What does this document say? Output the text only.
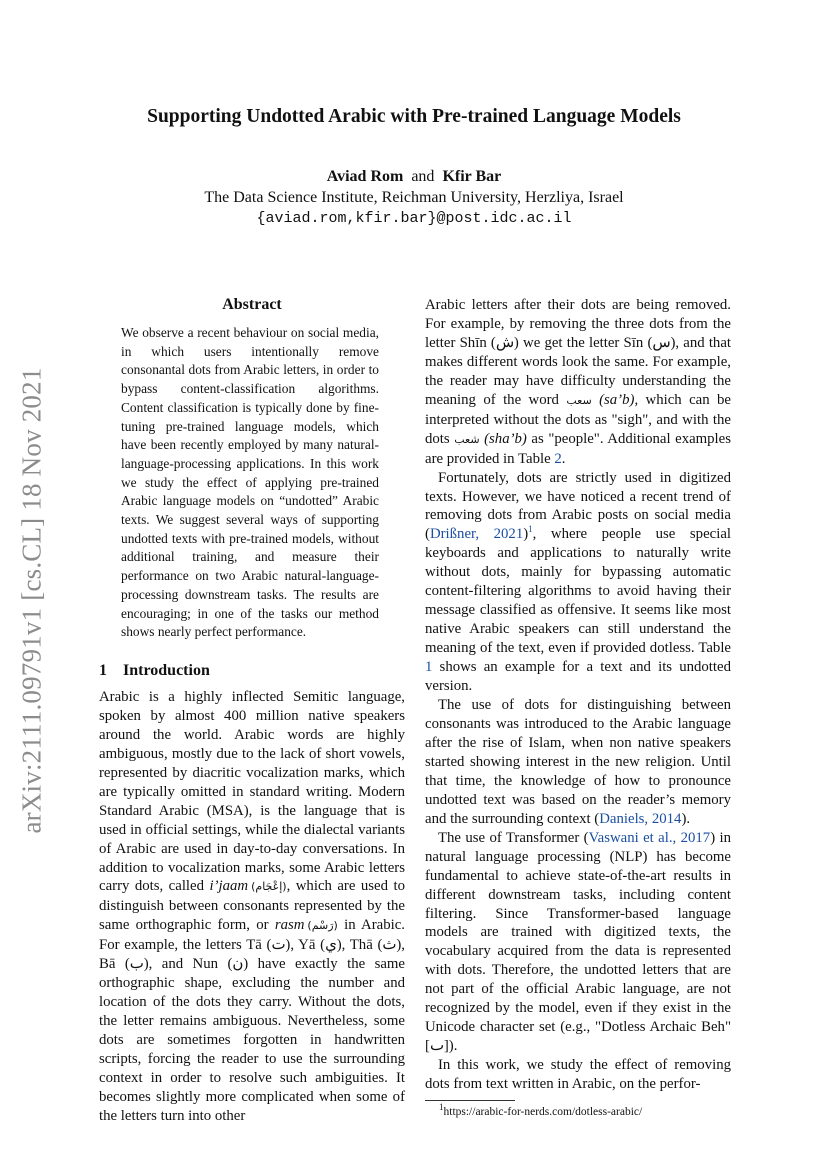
arXiv:2111.09791v1 [cs.CL] 18 Nov 2021
Supporting Undotted Arabic with Pre-trained Language Models
Aviad Rom and Kfir Bar
The Data Science Institute, Reichman University, Herzliya, Israel
{aviad.rom,kfir.bar}@post.idc.ac.il
Abstract

We observe a recent behaviour on social media, in which users intentionally remove consonantal dots from Arabic letters, in order to bypass content-classification algorithms. Content classification is typically done by fine-tuning pre-trained language models, which have been recently employed by many natural-language-processing applications. In this work we study the effect of applying pre-trained Arabic language models on “undotted” Arabic texts. We suggest several ways of supporting undotted texts with pre-trained models, without additional training, and measure their performance on two Arabic natural-language-processing downstream tasks. The results are encouraging; in one of the tasks our method shows nearly perfect performance.

1 Introduction

Arabic is a highly inflected Semitic language, spoken by almost 400 million native speakers around the world. Arabic words are highly ambiguous, mostly due to the lack of short vowels, represented by diacritic vocalization marks, which are typically omitted in standard writing. Modern Standard Arabic (MSA), is the language that is used in official settings, while the dialectal variants of Arabic are used in day-to-day conversations. In addition to vocalization marks, some Arabic letters carry dots, called i’jaam  (إعْجَام), which are used to distinguish between consonants represented by the same orthographic form, or rasm  (رَسْم) in Arabic. For example, the letters Tā (ت), Yā (ي), Thā (ث), Bā (ب), and Nun (ن) have exactly the same orthographic shape, excluding the number and location of the dots they carry. Without the dots, the letter remains ambiguous. Nevertheless, some dots are sometimes forgotten in handwritten scripts, forcing the reader to use the surrounding context in order to resolve such ambiguities. It becomes slightly more complicated when some of the letters turn into other

Arabic letters after their dots are being removed. For example, by removing the three dots from the letter Shīn (ش) we get the letter Sīn (س), and that makes different words look the same. For example, the reader may have difficulty understanding the meaning of the word سعب (sa’b), which can be interpreted without the dots as "sigh", and with the dots شعب (sha’b) as "people". Additional examples are provided in Table 2.

Fortunately, dots are strictly used in digitized texts. However, we have noticed a recent trend of removing dots from Arabic posts on social media (Drißner, 2021)$^1$, where people use special keyboards and applications to naturally write without dots, mainly for bypassing automatic content-filtering algorithms to avoid having their message classified as offensive. It seems like most native Arabic speakers can still understand the meaning of the text, even if provided dotless. Table 1 shows an example for a text and its undotted version.

The use of dots for distinguishing between consonants was introduced to the Arabic language after the rise of Islam, when non native speakers started showing interest in the new religion. Until that time, the knowledge of how to pronounce undotted text was based on the reader’s memory and the surrounding context (Daniels, 2014).

The use of Transformer (Vaswani et al., 2017) in natural language processing (NLP) has become fundamental to achieve state-of-the-art results in different downstream tasks, including content filtering. Since Transformer-based language models are trained with digitized texts, the vocabulary acquired from the data is represented with dots. Therefore, the undotted letters that are not part of the official Arabic language, are not recognized by the model, even if they exist in the Unicode character set (e.g., "Dotless Archaic Beh" [ٮ]).

In this work, we study the effect of removing dots from text written in Arabic, on the perfor-

$^1$https://arabic-for-nerds.com/dotless-arabic/
